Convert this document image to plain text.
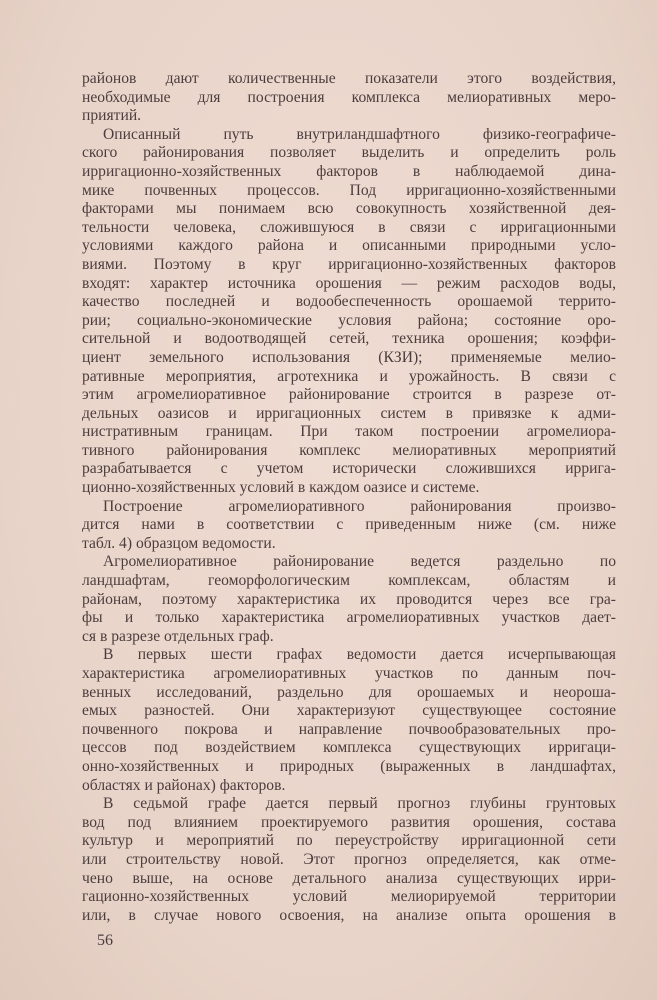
районов дают количественные показатели этого воздействия,
необходимые для построения комплекса мелиоративных меро-
приятий.
Описанный путь внутриландшафтного физико-географиче-
ского районирования позволяет выделить и определить роль
ирригационно-хозяйственных факторов в наблюдаемой дина-
мике почвенных процессов. Под ирригационно-хозяйственными
факторами мы понимаем всю совокупность хозяйственной дея-
тельности человека, сложившуюся в связи с ирригационными
условиями каждого района и описанными природными усло-
виями. Поэтому в круг ирригационно-хозяйственных факторов
входят: характер источника орошения — режим расходов воды,
качество последней и водообеспеченность орошаемой террито-
рии; социально-экономические условия района; состояние оро-
сительной и водоотводящей сетей, техника орошения; коэффи-
циент земельного использования (КЗИ); применяемые мелио-
ративные мероприятия, агротехника и урожайность. В связи с
этим агромелиоративное районирование строится в разрезе от-
дельных оазисов и ирригационных систем в привязке к адми-
нистративным границам. При таком построении агромелиора-
тивного районирования комплекс мелиоративных мероприятий
разрабатывается с учетом исторически сложившихся ирригa-
ционно-хозяйственных условий в каждом оазисе и системе.
Построение агромелиоративного районирования произво-
дится нами в соответствии с приведенным ниже (см. ниже
табл. 4) образцом ведомости.
Агромелиоративное районирование ведется раздельно по
ландшафтам, геоморфологическим комплексам, областям и
районам, поэтому характеристика их проводится через все гра-
фы и только характеристика агромелиоративных участков дает-
ся в разрезе отдельных граф.
В первых шести графах ведомости дается исчерпывающая
характеристика агромелиоративных участков по данным поч-
венных исследований, раздельно для орошаемых и неороша-
емых разностей. Они характеризуют существующее состояние
почвенного покрова и направление почвообразовательных про-
цессов под воздействием комплекса существующих ирригаци-
онно-хозяйственных и природных (выраженных в ландшафтах,
областях и районах) факторов.
В седьмой графе дается первый прогноз глубины грунтовых
вод под влиянием проектируемого развития орошения, состава
культур и мероприятий по переустройству ирригационной сети
или строительству новой. Этот прогноз определяется, как отме-
чено выше, на основе детального анализа существующих ирри-
гационно-хозяйственных условий мелиорируемой территории
или, в случае нового освоения, на анализе опыта орошения в
56
